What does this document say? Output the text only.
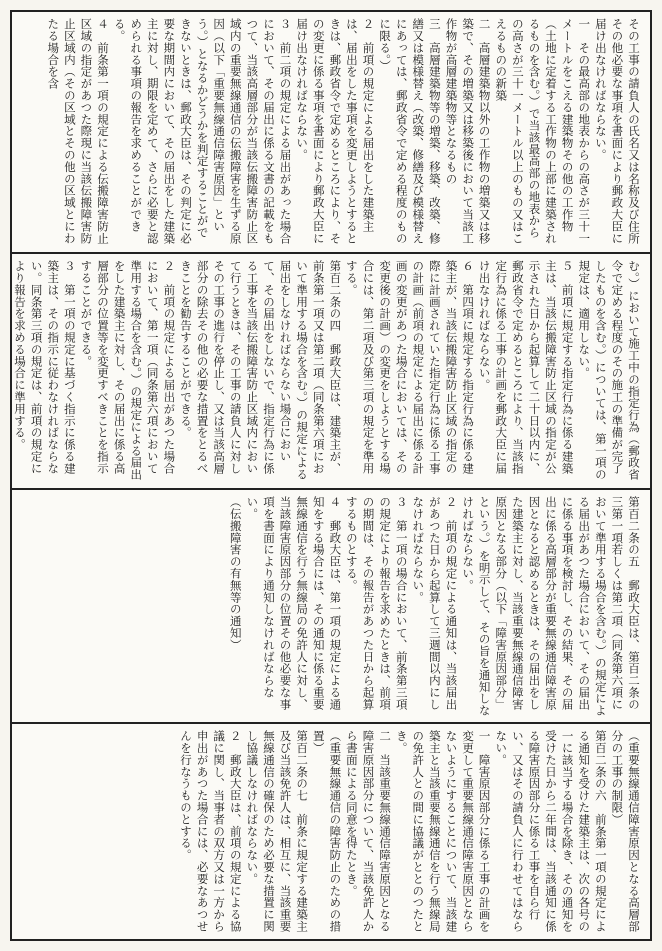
その工事の請負人の氏名又は名称及び住所その他必要な事項を書面により郵政大臣に届け出なければならない。
一　その最高部の地表からの高さが三十一メートルをこえる建築物その他の工作物（土地に定着する工作物の上部に建築されるものを含む。）で当該最高部の地表からの高さが三十一メートル以上のもの又はこえるものの新築
二　高層建築物以外の工作物の増築又は移築で、その増築又は移築後において当該工作物が高層建築物等となるもの
三　高層建築物等の増築、移築、改築、修繕又は模様替え（改築、修繕及び模様替えにあっては、郵政省令で定める程度のものに限る。）
２　前項の規定による届出をした建築主は、届出をした事項を変更しようとするときは、郵政省令で定めるところにより、その変更に係る事項を書面により郵政大臣に届け出なければならない。
３　前二項の規定による届出があった場合において、その届出に係る文書の記載をもつて、当該高層部分が当該伝搬障害防止区域内の重要無線通信の伝搬障害を生ずる原因（以下「重要無線通信障害原因」という。）となるかどうかを判定することができないときは、郵政大臣は、その判定に必要な期間内において、その届出をした建築主に対し、期限を定めて、さらに必要と認められる事項の報告を求めることができる。
４　前条第一項の規定による伝搬障害防止区域の指定があつた際現に当該伝搬障害防止区域内（その区域とその他の区域とにわたる場合を含
む。）において施工中の指定行為（郵政省令で定める程度のその施工の準備が完了したものを含む。）については、第一項の規定は、適用しない。
５　前項に規定する指定行為に係る建築主は、当該伝搬障害防止区域の指定が公示された日から起算して二十日以内に、郵政省令で定めるところにより、当該指定行為に係る工事の計画を郵政大臣に届け出なければならない。
６　第四項に規定する指定行為に係る建築主が、当該伝搬障害防止区域の指定の際に計画されていた指定行為に係る工事の計画（前項の規定による届出に係る計画の変更があつた場合においては、その変更後の計画）の変更をしようとする場合には、第二項及び第三項の規定を準用する。
第百二条の四　郵政大臣は、建築主が、前条第一項又は第二項（同条第六項において準用する場合を含む。）の規定による届出をしなければならない場合において、その届出をしないで、指定行為に係る工事を当該伝搬障害防止区域内において行うときは、その工事の請負人に対しその工事の進行を停止し、又は当該高層部分の除去その他の必要な措置をとるべきことを勧告することができる。
２　前項の規定による届出があつた場合において、第一項（同条第六項において準用する場合を含む。）の規定による届出をした建築主に対し、その届出に係る高層部分の位置等を変更すべきことを指示することができる。
３　第一項の規定に基づく指示に係る建築主は、その指示に従わなければならない。同条第三項の規定は、前項の規定により報告を求める場合に準用する。
第百二条の五　郵政大臣は、第百二条の三第一項若しくは第二項（同条第六項において準用する場合を含む。）の規定による届出があつた場合において、その届出に係る事項を検討し、その結果、その届出に係る高層部分が重要無線通信障害原因となると認めるときは、その届出をした建築主に対し、当該重要無線通信障害原因となる部分（以下「障害原因部分」という。）を明示して、その旨を通知しなければならない。
２　前項の規定による通知は、当該届出があつた日から起算して三週間以内にしなければならない。
３　第一項の場合において、前条第三項の規定により報告を求めたときは、前項の期間は、その報告があつた日から起算するものとする。
４　郵政大臣は、第一項の規定による通知をする場合には、その通知に係る重要無線通信を行う無線局の免許人に対し、当該障害原因部分の位置その他必要な事項を書面により通知しなければならない。
（伝搬障害の有無等の通知）
（重要無線通信障害原因となる高層部分の工事の制限）
第百二条の六　前条第一項の規定による通知を受けた建築主は、次の各号の一に該当する場合を除き、その通知を受けた日から二年間は、当該通知に係る障害原因部分に係る工事を自ら行い、又はその請負人に行わせてはならない。
一　障害原因部分に係る工事の計画を変更して重要無線通信障害原因とならないようにすることについて、当該建築主と当該重要無線通信を行う無線局の免許人との間に協議がととのつたとき。
二　当該重要無線通信障害原因となる障害原因部分について、当該免許人から書面による同意を得たとき。
（重要無線通信の障害防止のための措置）
第百二条の七　前条に規定する建築主及び当該免許人は、相互に、当該重要無線通信の確保のため必要な措置に関し協議しなければならない。
２　郵政大臣は、前項の規定による協議に関し、当事者の双方又は一方から申出があつた場合には、必要なあつせんを行なうものとする。
